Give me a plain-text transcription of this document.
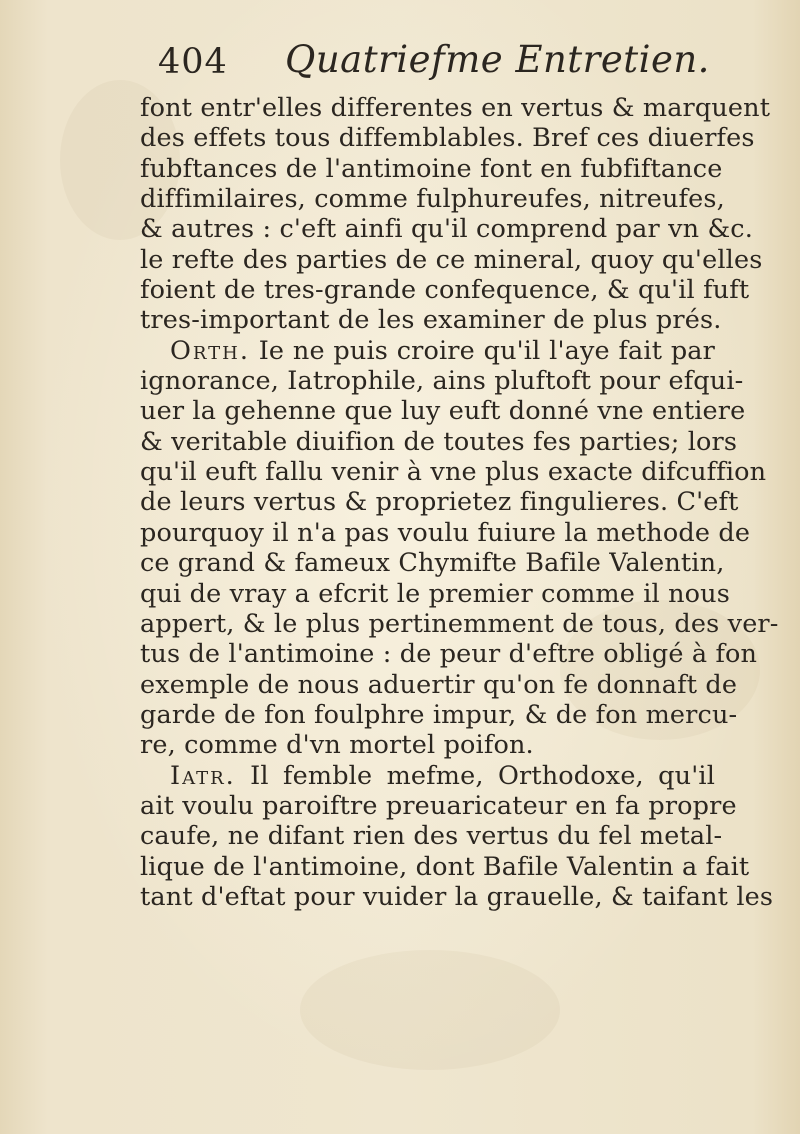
404 Quatriefme Entretien.
font entr'elles differentes en vertus & marquent
des effets tous diffemblables. Bref ces diuerfes
fubftances de l'antimoine font en fubfiftance
diffimilaires, comme fulphureufes, nitreufes,
& autres : c'eft ainfi qu'il comprend par vn &c.
le refte des parties de ce mineral, quoy qu'elles
foient de tres-grande confequence, & qu'il fuft
tres-important de les examiner de plus prés.
Orth. Ie ne puis croire qu'il l'aye fait par
ignorance, Iatrophile, ains pluftoft pour efqui-
uer la gehenne que luy euft donné vne entiere
& veritable diuifion de toutes fes parties; lors
qu'il euft fallu venir à vne plus exacte difcuffion
de leurs vertus & proprietez fingulieres. C'eft
pourquoy il n'a pas voulu fuiure la methode de
ce grand & fameux Chymifte Bafile Valentin,
qui de vray a efcrit le premier comme il nous
appert, & le plus pertinemment de tous, des ver-
tus de l'antimoine : de peur d'eftre obligé à fon
exemple de nous aduertir qu'on fe donnaft de
garde de fon foulphre impur, & de fon mercu-
re, comme d'vn mortel poifon.
Iatr. Il femble mefme, Orthodoxe, qu'il
ait voulu paroiftre preuaricateur en fa propre
caufe, ne difant rien des vertus du fel metal-
lique de l'antimoine, dont Bafile Valentin a fait
tant d'eftat pour vuider la grauelle, & taifant les
